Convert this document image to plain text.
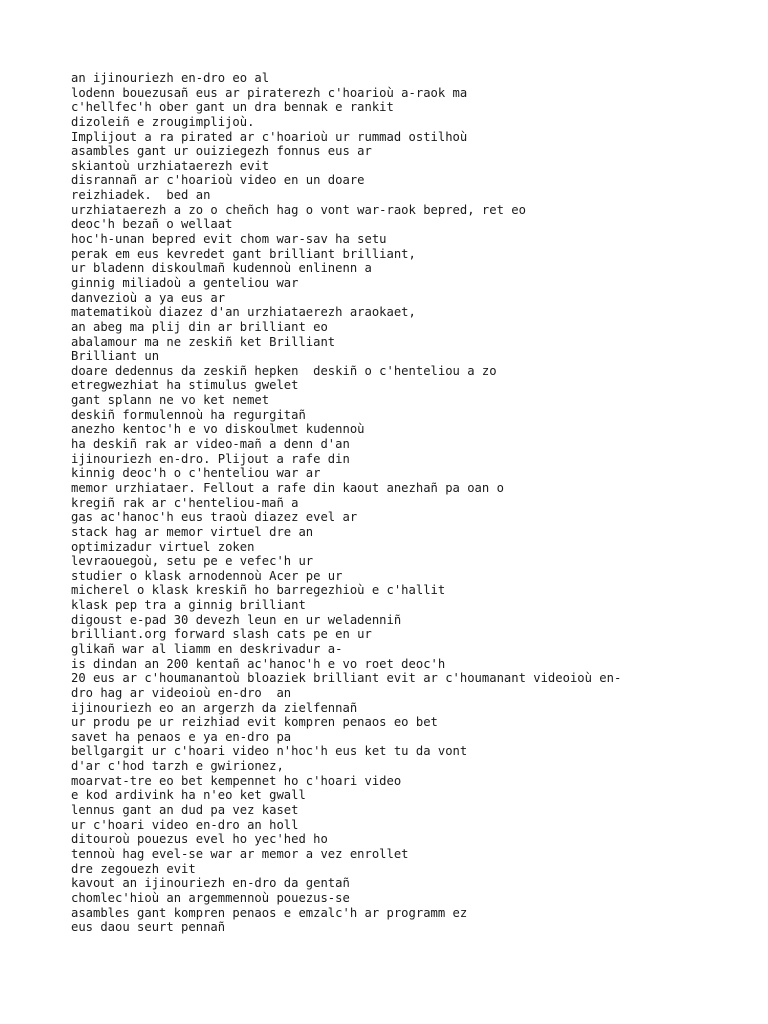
an ijinouriezh en-dro eo al
lodenn bouezusañ eus ar piraterezh c'hoarioù a-raok ma
c'hellfec'h ober gant un dra bennak e rankit
dizoleiñ e zrougimplijoù.
Implijout a ra pirated ar c'hoarioù ur rummad ostilhoù
asambles gant ur ouiziegezh fonnus eus ar
skiantoù urzhiataerezh evit
disrannañ ar c'hoarioù video en un doare
reizhiadek.  bed an
urzhiataerezh a zo o cheñch hag o vont war-raok bepred, ret eo
deoc'h bezañ o wellaat
hoc'h-unan bepred evit chom war-sav ha setu
perak em eus kevredet gant brilliant brilliant,
ur bladenn diskoulmañ kudennoù enlinenn a
ginnig miliadoù a genteliou war
danvezioù a ya eus ar
matematikoù diazez d'an urzhiataerezh araokaet,
an abeg ma plij din ar brilliant eo
abalamour ma ne zeskiñ ket Brilliant
Brilliant un
doare dedennus da zeskiñ hepken  deskiñ o c'henteliou a zo
etregwezhiat ha stimulus gwelet
gant splann ne vo ket nemet
deskiñ formulennoù ha regurgitañ
anezho kentoc'h e vo diskoulmet kudennoù
ha deskiñ rak ar video-mañ a denn d'an
ijinouriezh en-dro. Plijout a rafe din
kinnig deoc'h o c'henteliou war ar
memor urzhiataer. Fellout a rafe din kaout anezhañ pa oan o
kregiñ rak ar c'henteliou-mañ a
gas ac'hanoc'h eus traoù diazez evel ar
stack hag ar memor virtuel dre an
optimizadur virtuel zoken
levraouegoù, setu pe e vefec'h ur
studier o klask arnodennoù Acer pe ur
micherel o klask kreskiñ ho barregezhioù e c'hallit
klask pep tra a ginnig brilliant
digoust e-pad 30 devezh leun en ur weladenniñ
brilliant.org forward slash cats pe en ur
glikañ war al liamm en deskrivadur a-
is dindan an 200 kentañ ac'hanoc'h e vo roet deoc'h
20 eus ar c'houmanantoù bloaziek brilliant evit ar c'houmanant videoioù en-
dro hag ar videoioù en-dro  an
ijinouriezh eo an argerzh da zielfennañ
ur produ pe ur reizhiad evit kompren penaos eo bet
savet ha penaos e ya en-dro pa
bellgargit ur c'hoari video n'hoc'h eus ket tu da vont
d'ar c'hod tarzh e gwirionez,
moarvat-tre eo bet kempennet ho c'hoari video
e kod ardivink ha n'eo ket gwall
lennus gant an dud pa vez kaset
ur c'hoari video en-dro an holl
ditouroù pouezus evel ho yec'hed ho
tennoù hag evel-se war ar memor a vez enrollet
dre zegouezh evit
kavout an ijinouriezh en-dro da gentañ
chomlec'hioù an argemmennoù pouezus-se
asambles gant kompren penaos e emzalc'h ar programm ez
eus daou seurt pennañ
